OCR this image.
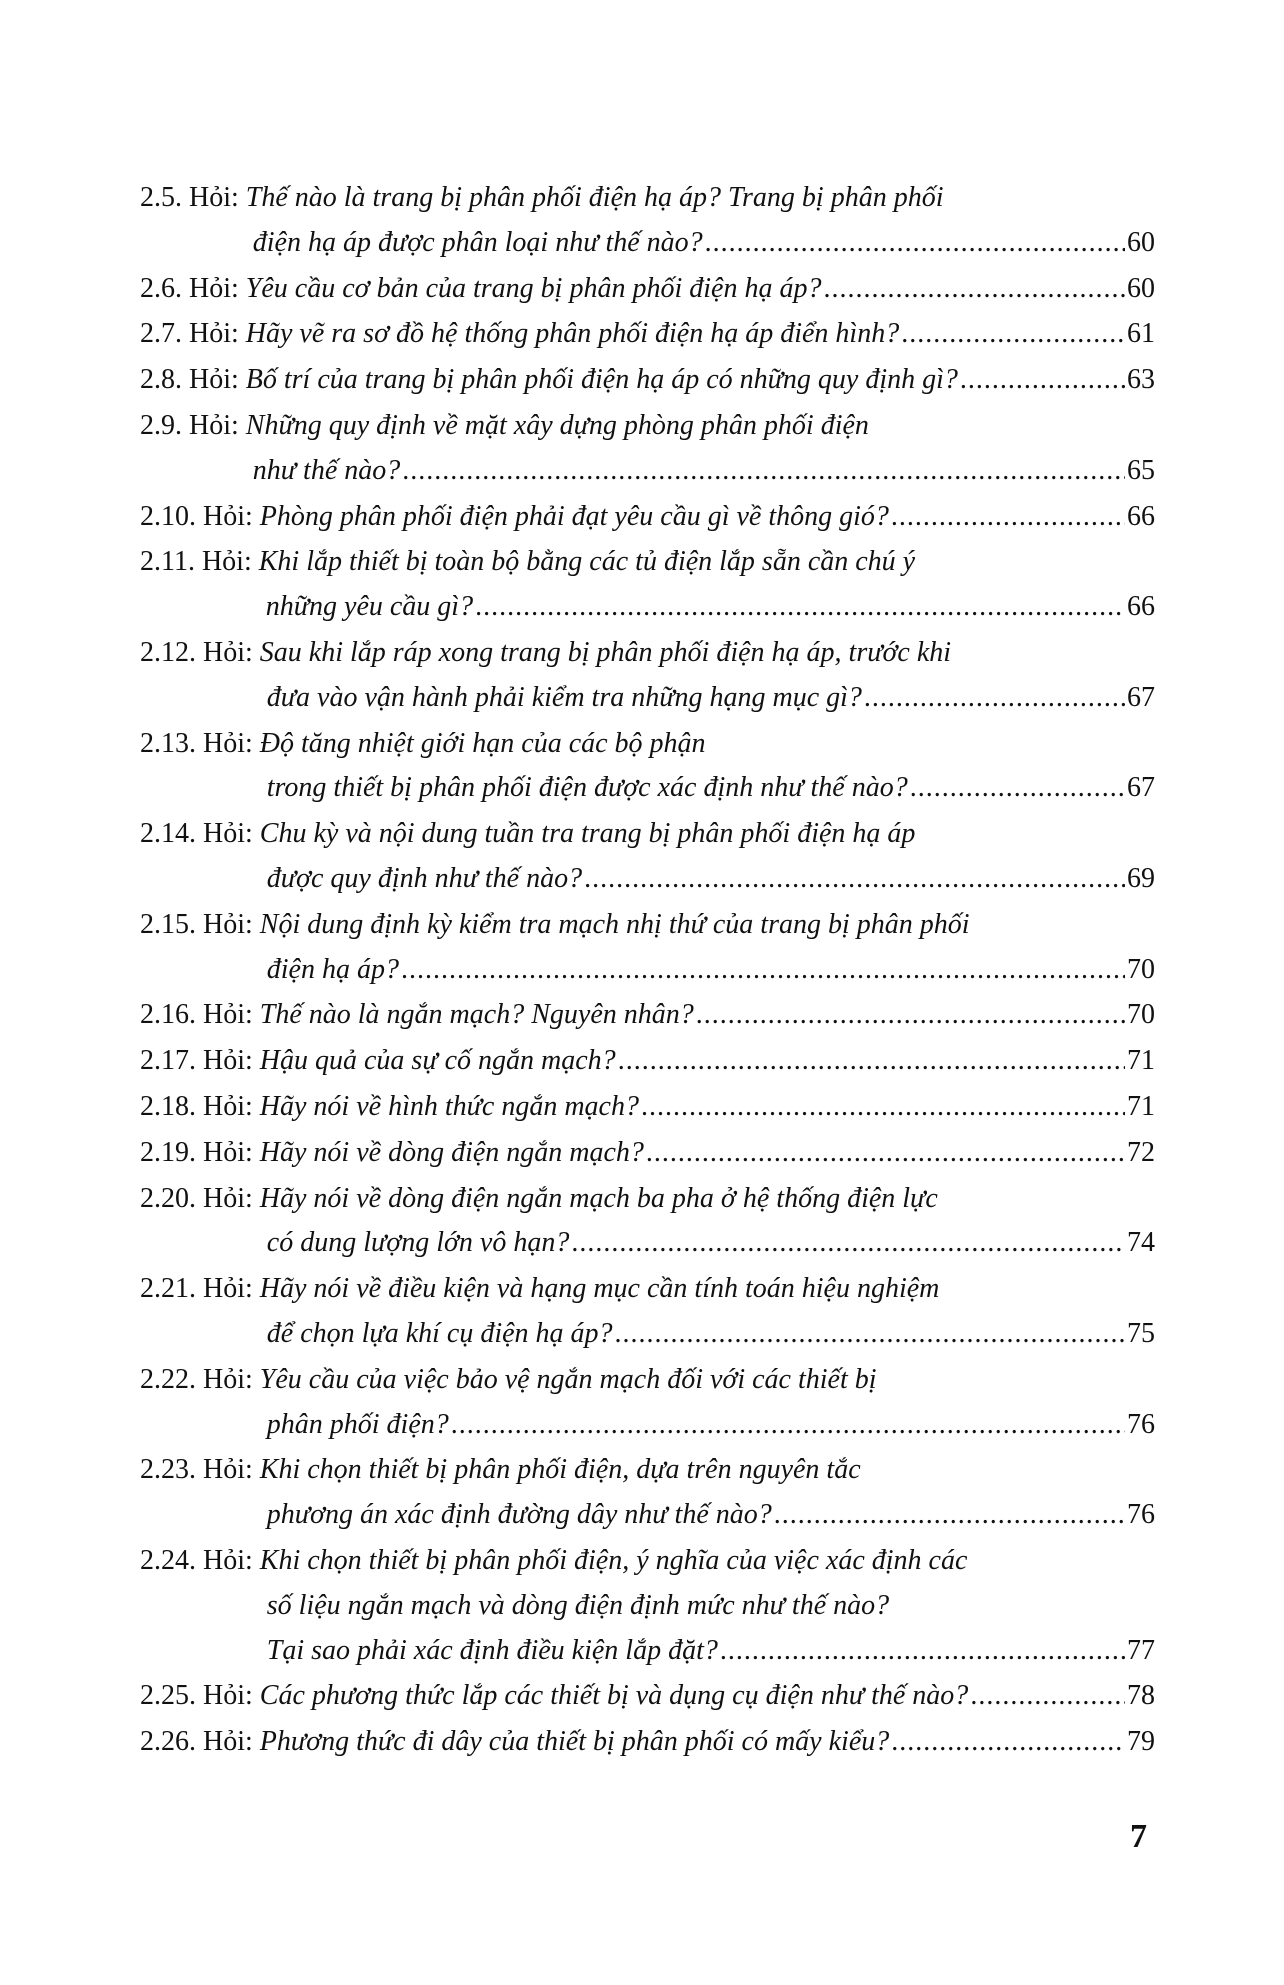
2.5. Hỏi:
Thế nào là trang bị phân phối điện hạ áp? Trang bị phân phối
điện hạ áp được phân loại như thế nào? .....	60
2.6. Hỏi:
Yêu cầu cơ bản của trang bị phân phối điện hạ áp? .....	60
2.7. Hỏi:
Hãy vẽ ra sơ đồ hệ thống phân phối điện hạ áp điển hình? .....	61
2.8. Hỏi:
Bố trí của trang bị phân phối điện hạ áp có những quy định gì? .....	63
2.9. Hỏi:
Những quy định về mặt xây dựng phòng phân phối điện
như thế nào? .....	65
2.10. Hỏi:
Phòng phân phối điện phải đạt yêu cầu gì về thông gió? .....	66
2.11. Hỏi:
Khi lắp thiết bị toàn bộ bằng các tủ điện lắp sẵn cần chú ý
những yêu cầu gì? .....	66
2.12. Hỏi:
Sau khi lắp ráp xong trang bị phân phối điện hạ áp, trước khi
đưa vào vận hành phải kiểm tra những hạng mục gì? .....	67
2.13. Hỏi:
Độ tăng nhiệt giới hạn của các bộ phận
trong thiết bị phân phối điện được xác định như thế nào? .....	67
2.14. Hỏi:
Chu kỳ và nội dung tuần tra trang bị phân phối điện hạ áp
được quy định như thế nào? .....	69
2.15. Hỏi:
Nội dung định kỳ kiểm tra mạch nhị thứ của trang bị phân phối
điện hạ áp? .....	70
2.16. Hỏi:
Thế nào là ngắn mạch? Nguyên nhân? .....	70
2.17. Hỏi:
Hậu quả của sự cố ngắn mạch? .....	71
2.18. Hỏi:
Hãy nói về hình thức ngắn mạch? .....	71
2.19. Hỏi:
Hãy nói về dòng điện ngắn mạch? .....	72
2.20. Hỏi:
Hãy nói về dòng điện ngắn mạch ba pha ở hệ thống điện lực
có dung lượng lớn vô hạn? .....	74
2.21. Hỏi:
Hãy nói về điều kiện và hạng mục cần tính toán hiệu nghiệm
để chọn lựa khí cụ điện hạ áp? .....	75
2.22. Hỏi:
Yêu cầu của việc bảo vệ ngắn mạch đối với các thiết bị
phân phối điện? .....	76
2.23. Hỏi:
Khi chọn thiết bị phân phối điện, dựa trên nguyên tắc
phương án xác định đường dây như thế nào? .....	76
2.24. Hỏi:
Khi chọn thiết bị phân phối điện, ý nghĩa của việc xác định các
số liệu ngắn mạch và dòng điện định mức như thế nào?
Tại sao phải xác định điều kiện lắp đặt? .....	77
2.25. Hỏi:
Các phương thức lắp các thiết bị và dụng cụ điện như thế nào? .....	78
2.26. Hỏi:
Phương thức đi dây của thiết bị phân phối có mấy kiểu? .....	79
7
